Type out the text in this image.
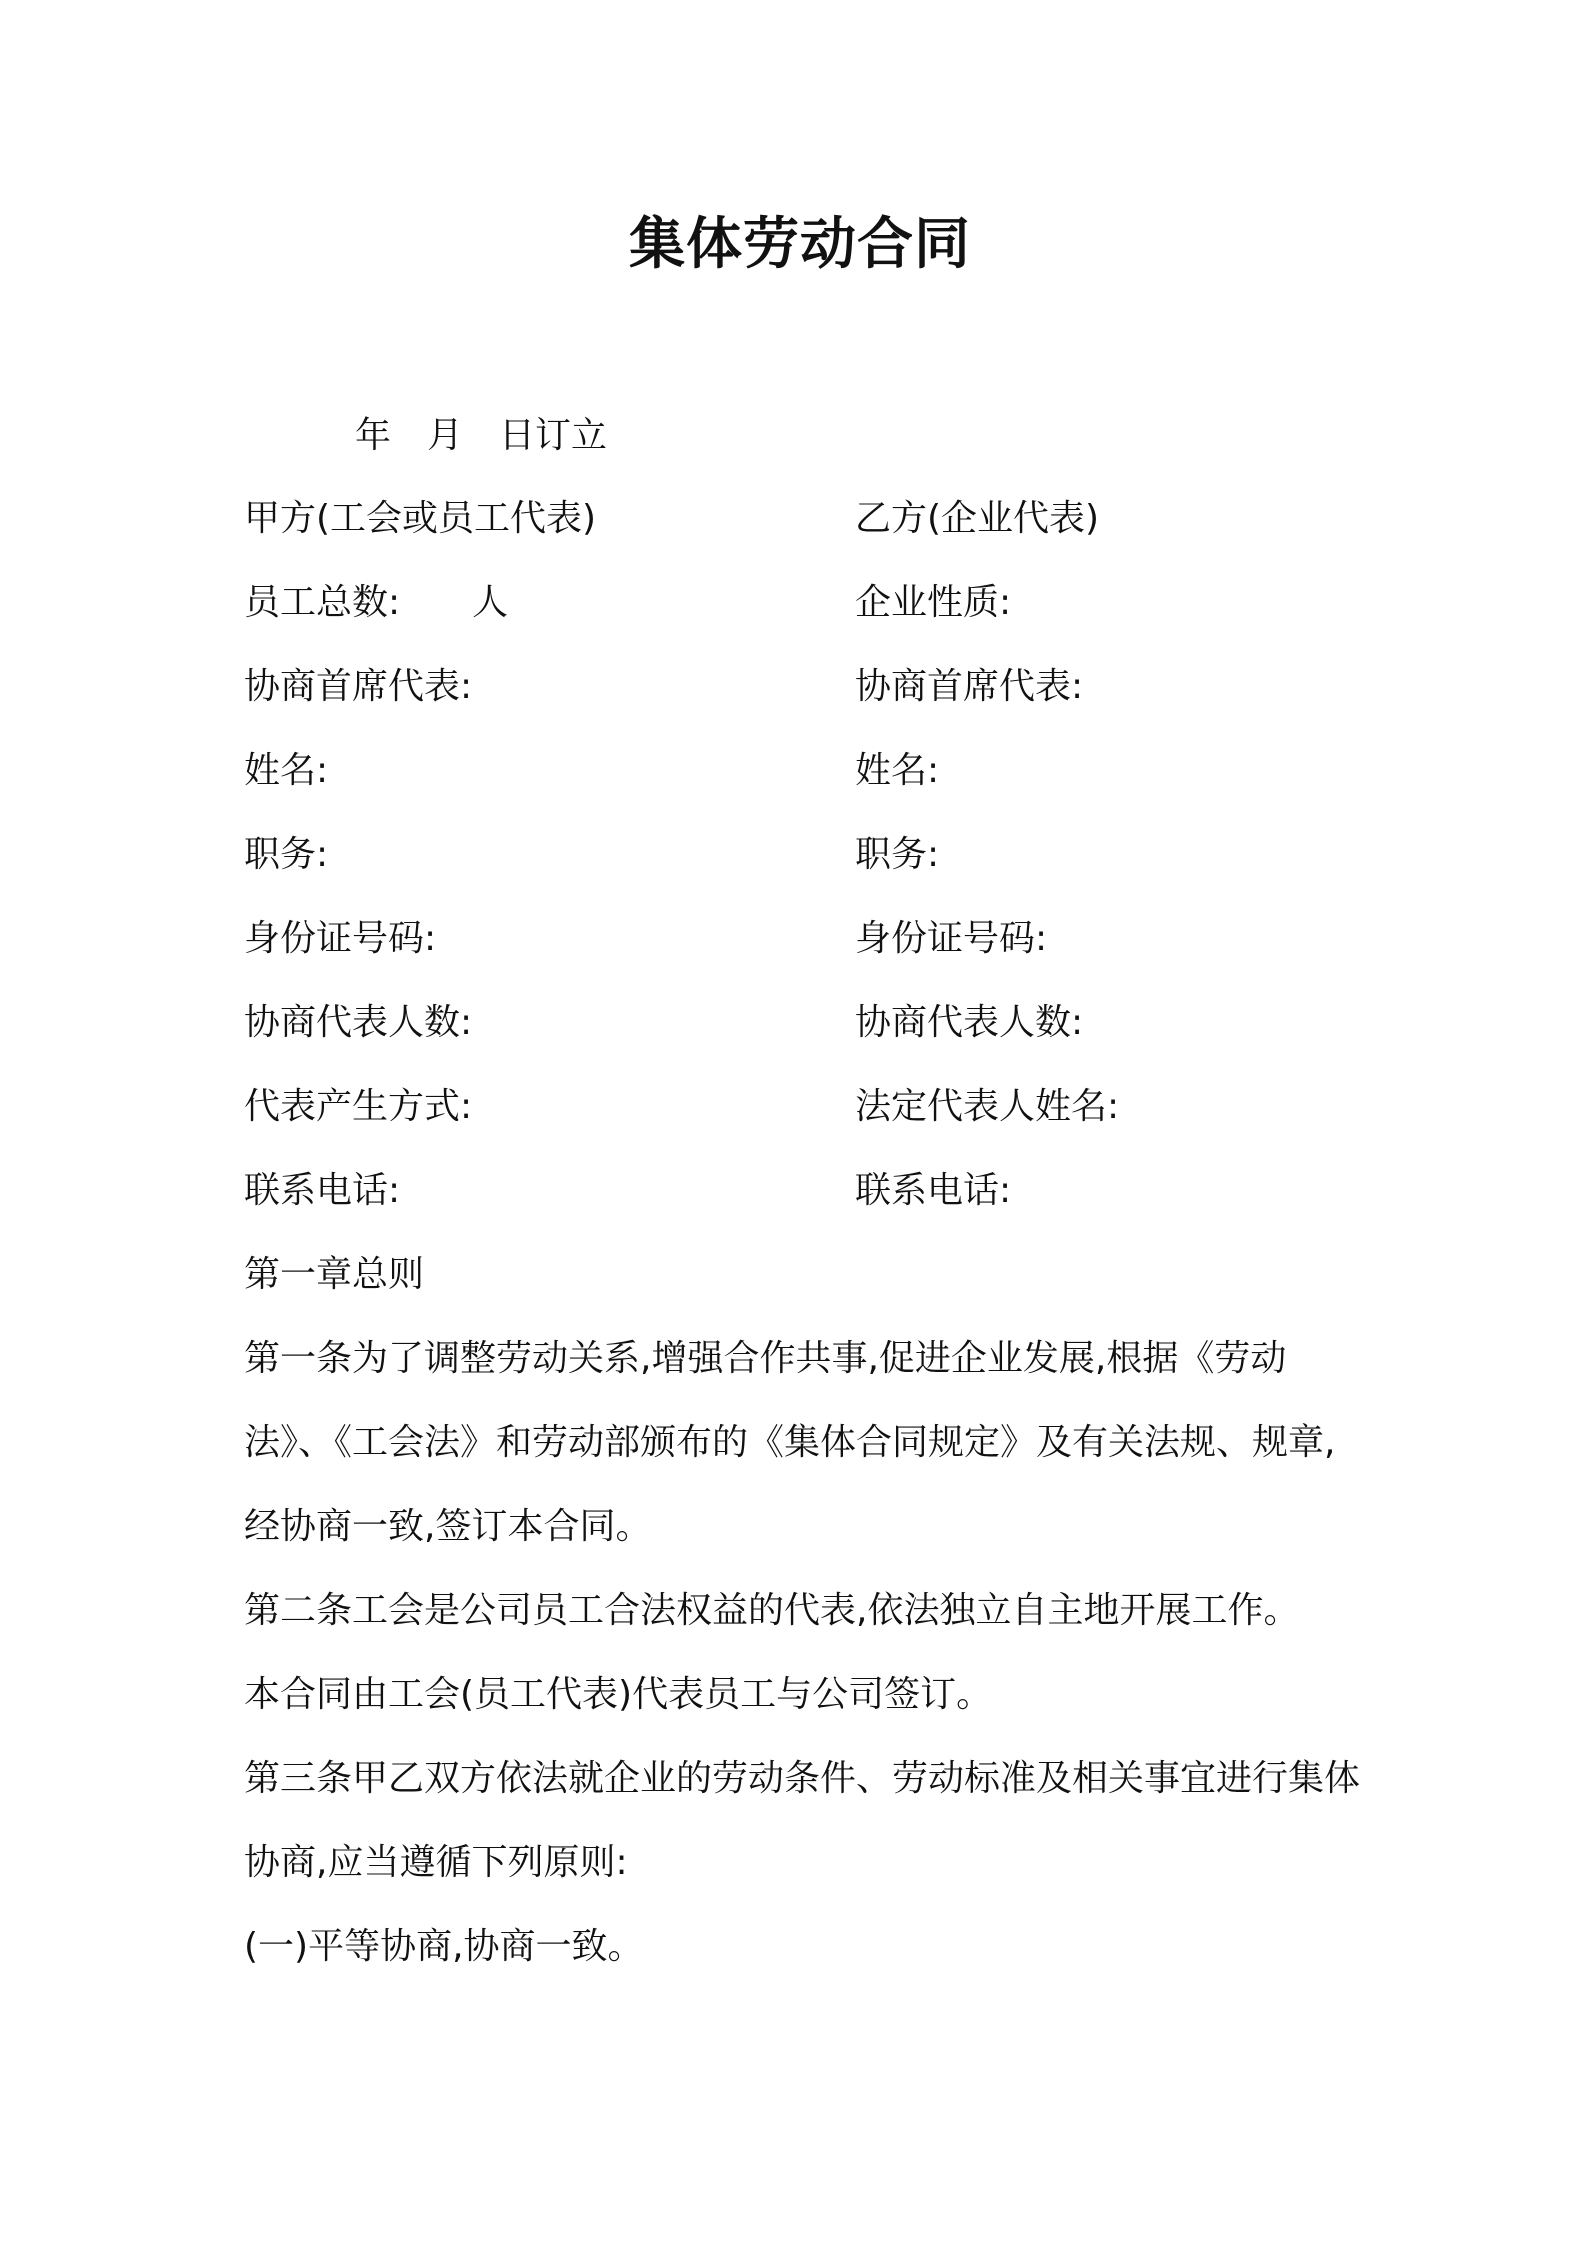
集体劳动合同
年　月　日订立
甲方(工会或员工代表)	乙方(企业代表)
员工总数:　　人	企业性质:
协商首席代表:	协商首席代表:
姓名:	姓名:
职务:	职务:
身份证号码:	身份证号码:
协商代表人数:	协商代表人数:
代表产生方式:	法定代表人姓名:
联系电话:	联系电话:
第一章总则
第一条为了调整劳动关系,增强合作共事,促进企业发展,根据《劳动法》、《工会法》和劳动部颁布的《集体合同规定》及有关法规、规章,经协商一致,签订本合同。
第二条工会是公司员工合法权益的代表,依法独立自主地开展工作。
本合同由工会(员工代表)代表员工与公司签订。
第三条甲乙双方依法就企业的劳动条件、劳动标准及相关事宜进行集体协商,应当遵循下列原则:
(一)平等协商,协商一致。
